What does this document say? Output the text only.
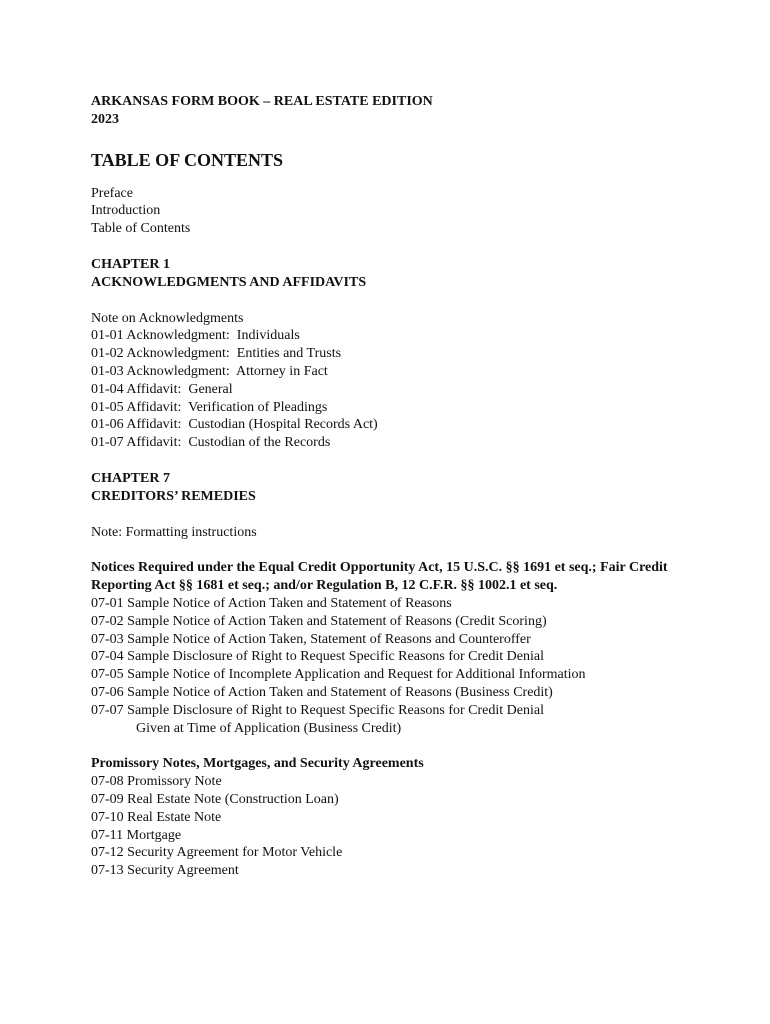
ARKANSAS FORM BOOK – REAL ESTATE EDITION
2023
TABLE OF CONTENTS
Preface
Introduction
Table of Contents
CHAPTER 1
ACKNOWLEDGMENTS AND AFFIDAVITS
Note on Acknowledgments
01-01 Acknowledgment:  Individuals
01-02 Acknowledgment:  Entities and Trusts
01-03 Acknowledgment:  Attorney in Fact
01-04 Affidavit:  General
01-05 Affidavit:  Verification of Pleadings
01-06 Affidavit:  Custodian (Hospital Records Act)
01-07 Affidavit:  Custodian of the Records
CHAPTER 7
CREDITORS’ REMEDIES
Note: Formatting instructions
Notices Required under the Equal Credit Opportunity Act, 15 U.S.C. §§ 1691 et seq.; Fair Credit Reporting Act §§ 1681 et seq.; and/or Regulation B, 12 C.F.R. §§ 1002.1 et seq.
07-01 Sample Notice of Action Taken and Statement of Reasons
07-02 Sample Notice of Action Taken and Statement of Reasons (Credit Scoring)
07-03 Sample Notice of Action Taken, Statement of Reasons and Counteroffer
07-04 Sample Disclosure of Right to Request Specific Reasons for Credit Denial
07-05 Sample Notice of Incomplete Application and Request for Additional Information
07-06 Sample Notice of Action Taken and Statement of Reasons (Business Credit)
07-07 Sample Disclosure of Right to Request Specific Reasons for Credit Denial
Given at Time of Application (Business Credit)
Promissory Notes, Mortgages, and Security Agreements
07-08 Promissory Note
07-09 Real Estate Note (Construction Loan)
07-10 Real Estate Note
07-11 Mortgage
07-12 Security Agreement for Motor Vehicle
07-13 Security Agreement
